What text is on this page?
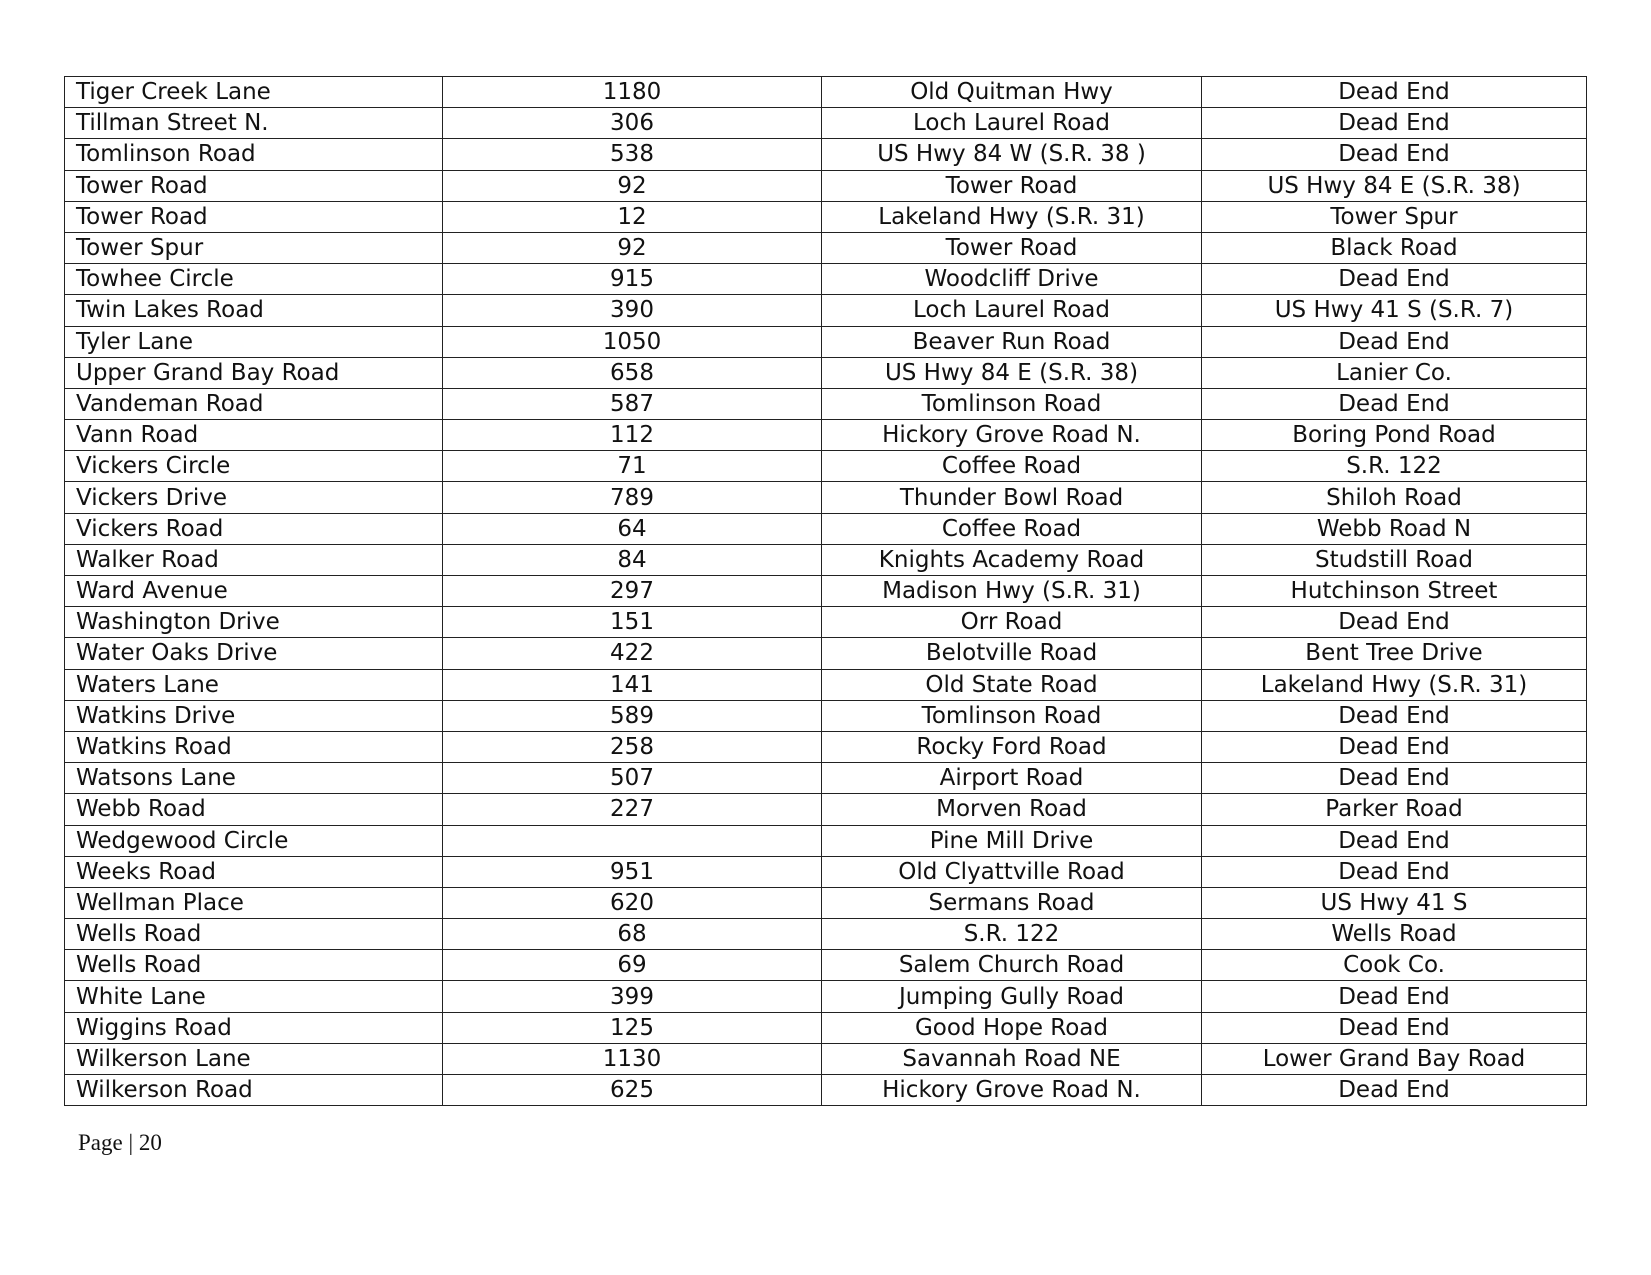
Tiger Creek Lane	1180	Old Quitman Hwy	Dead End
Tillman Street N.	306	Loch Laurel Road	Dead End
Tomlinson Road	538	US Hwy 84 W (S.R. 38 )	Dead End
Tower Road	92	Tower Road	US Hwy 84 E (S.R. 38)
Tower Road	12	Lakeland Hwy (S.R. 31)	Tower Spur
Tower Spur	92	Tower Road	Black Road
Towhee Circle	915	Woodcliff Drive	Dead End
Twin Lakes Road	390	Loch Laurel Road	US Hwy 41 S (S.R. 7)
Tyler Lane	1050	Beaver Run Road	Dead End
Upper Grand Bay Road	658	US Hwy 84 E (S.R. 38)	Lanier Co.
Vandeman Road	587	Tomlinson Road	Dead End
Vann Road	112	Hickory Grove Road N.	Boring Pond Road
Vickers Circle	71	Coffee Road	S.R. 122
Vickers Drive	789	Thunder Bowl Road	Shiloh Road
Vickers Road	64	Coffee Road	Webb Road N
Walker Road	84	Knights Academy Road	Studstill Road
Ward Avenue	297	Madison Hwy (S.R. 31)	Hutchinson Street
Washington Drive	151	Orr Road	Dead End
Water Oaks Drive	422	Belotville Road	Bent Tree Drive
Waters Lane	141	Old State Road	Lakeland Hwy (S.R. 31)
Watkins Drive	589	Tomlinson Road	Dead End
Watkins Road	258	Rocky Ford Road	Dead End
Watsons Lane	507	Airport Road	Dead End
Webb Road	227	Morven Road	Parker Road
Wedgewood Circle		Pine Mill Drive	Dead End
Weeks Road	951	Old Clyattville Road	Dead End
Wellman Place	620	Sermans Road	US Hwy 41 S
Wells Road	68	S.R. 122	Wells Road
Wells Road	69	Salem Church Road	Cook Co.
White Lane	399	Jumping Gully Road	Dead End
Wiggins Road	125	Good Hope Road	Dead End
Wilkerson Lane	1130	Savannah Road NE	Lower Grand Bay Road
Wilkerson Road	625	Hickory Grove Road N.	Dead End
Page | 20
